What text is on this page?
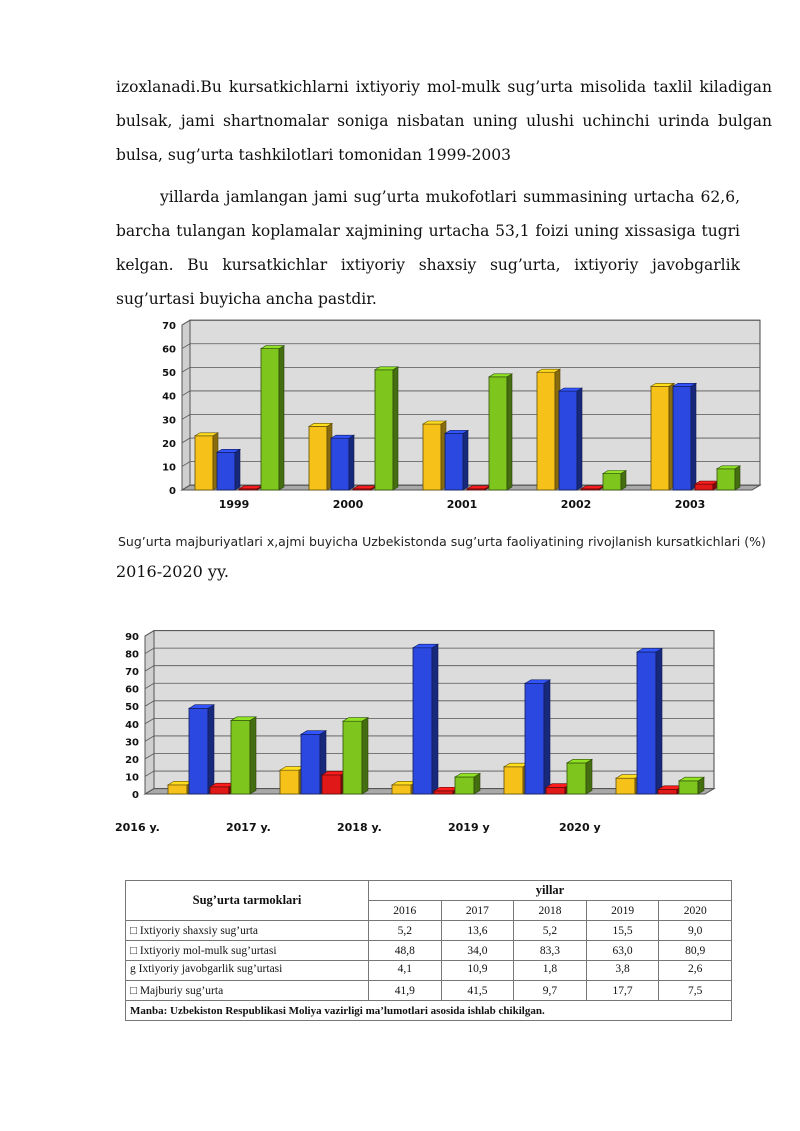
izoxlanadi.Bu kursatkichlarni ixtiyoriy mol-mulk sug’urta misolida taxlil kiladigan bulsak, jami shartnomalar soniga nisbatan uning ulushi uchinchi urinda bulgan bulsa, sug’urta tashkilotlari tomonidan 1999-2003

yillarda jamlangan jami sug’urta mukofotlari summasining urtacha 62,6,
barcha tulangan koplamalar xajmining urtacha 53,1 foizi uning xissasiga tugri
kelgan. Bu kursatkichlar ixtiyoriy shaxsiy sug’urta, ixtiyoriy javobgarlik
sug’urtasi buyicha ancha pastdir.
0
10
20
30
40
50
60
70
1999	2000	2001	2002	2003
Sug’urta majburiyatlari x,ajmi buyicha Uzbekistonda sug’urta faoliyatining rivojlanish kursatkichlari (%)
2016-2020 yy.
0
10
20
30
40
50
60
70
80
90
2016 y.	2017 y.	2018 y.	2019 y	2020 y
Sug’urta tarmoklari	yillar				
	2016	2017	2018	2019	2020
□ Ixtiyoriy shaxsiy sug’urta	5,2	13,6	5,2	15,5	9,0
□ Ixtiyoriy mol-mulk sug’urtasi	48,8	34,0	83,3	63,0	80,9
g Ixtiyoriy javobgarlik sug’urtasi	4,1	10,9	1,8	3,8	2,6
□ Majburiy sug’urta	41,9	41,5	9,7	17,7	7,5
Manba: Uzbekiston Respublikasi Moliya vazirligi ma’lumotlari asosida ishlab chikilgan.					
